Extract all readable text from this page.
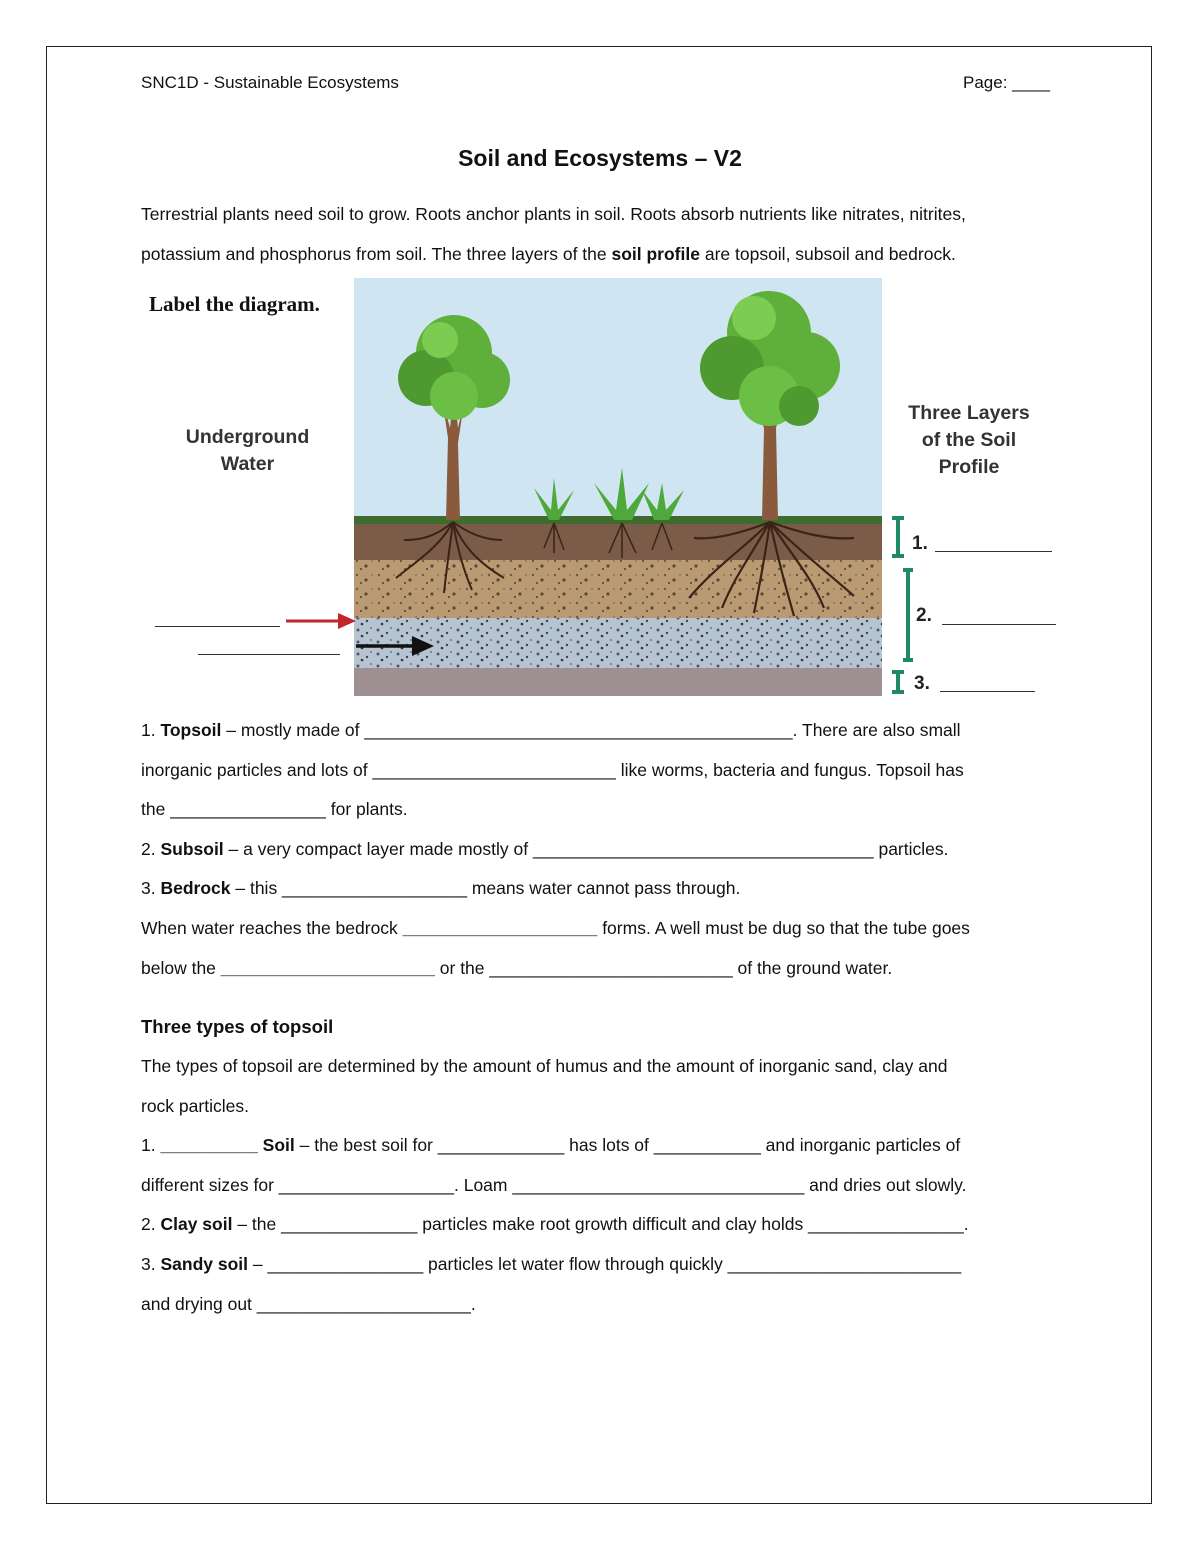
SNC1D - Sustainable Ecosystems	Page: ____
Soil and Ecosystems – V2
Terrestrial plants need soil to grow. Roots anchor plants in soil. Roots absorb nutrients like nitrates, nitrites,
potassium and phosphorus from soil. The three layers of the soil profile are topsoil, subsoil and bedrock.
Label the diagram.
Underground
Water
Three Layers
of the Soil
Profile
1.
2.
3.
1. Topsoil – mostly made of ____________________________________________. There are also small
inorganic particles and lots of _________________________ like worms, bacteria and fungus. Topsoil has
the ________________ for plants.
2. Subsoil – a very compact layer made mostly of ___________________________________ particles.
3. Bedrock – this ___________________ means water cannot pass through.
When water reaches the bedrock ____________________ forms. A well must be dug so that the tube goes
below the ______________________ or the _________________________ of the ground water.
Three types of topsoil
The types of topsoil are determined by the amount of humus and the amount of inorganic sand, clay and
rock particles.
1. __________ Soil – the best soil for _____________ has lots of ___________ and inorganic particles of
different sizes for __________________. Loam ______________________________ and dries out slowly.
2. Clay soil – the ______________ particles make root growth difficult and clay holds ________________.
3. Sandy soil – ________________ particles let water flow through quickly ________________________
and drying out ______________________.
